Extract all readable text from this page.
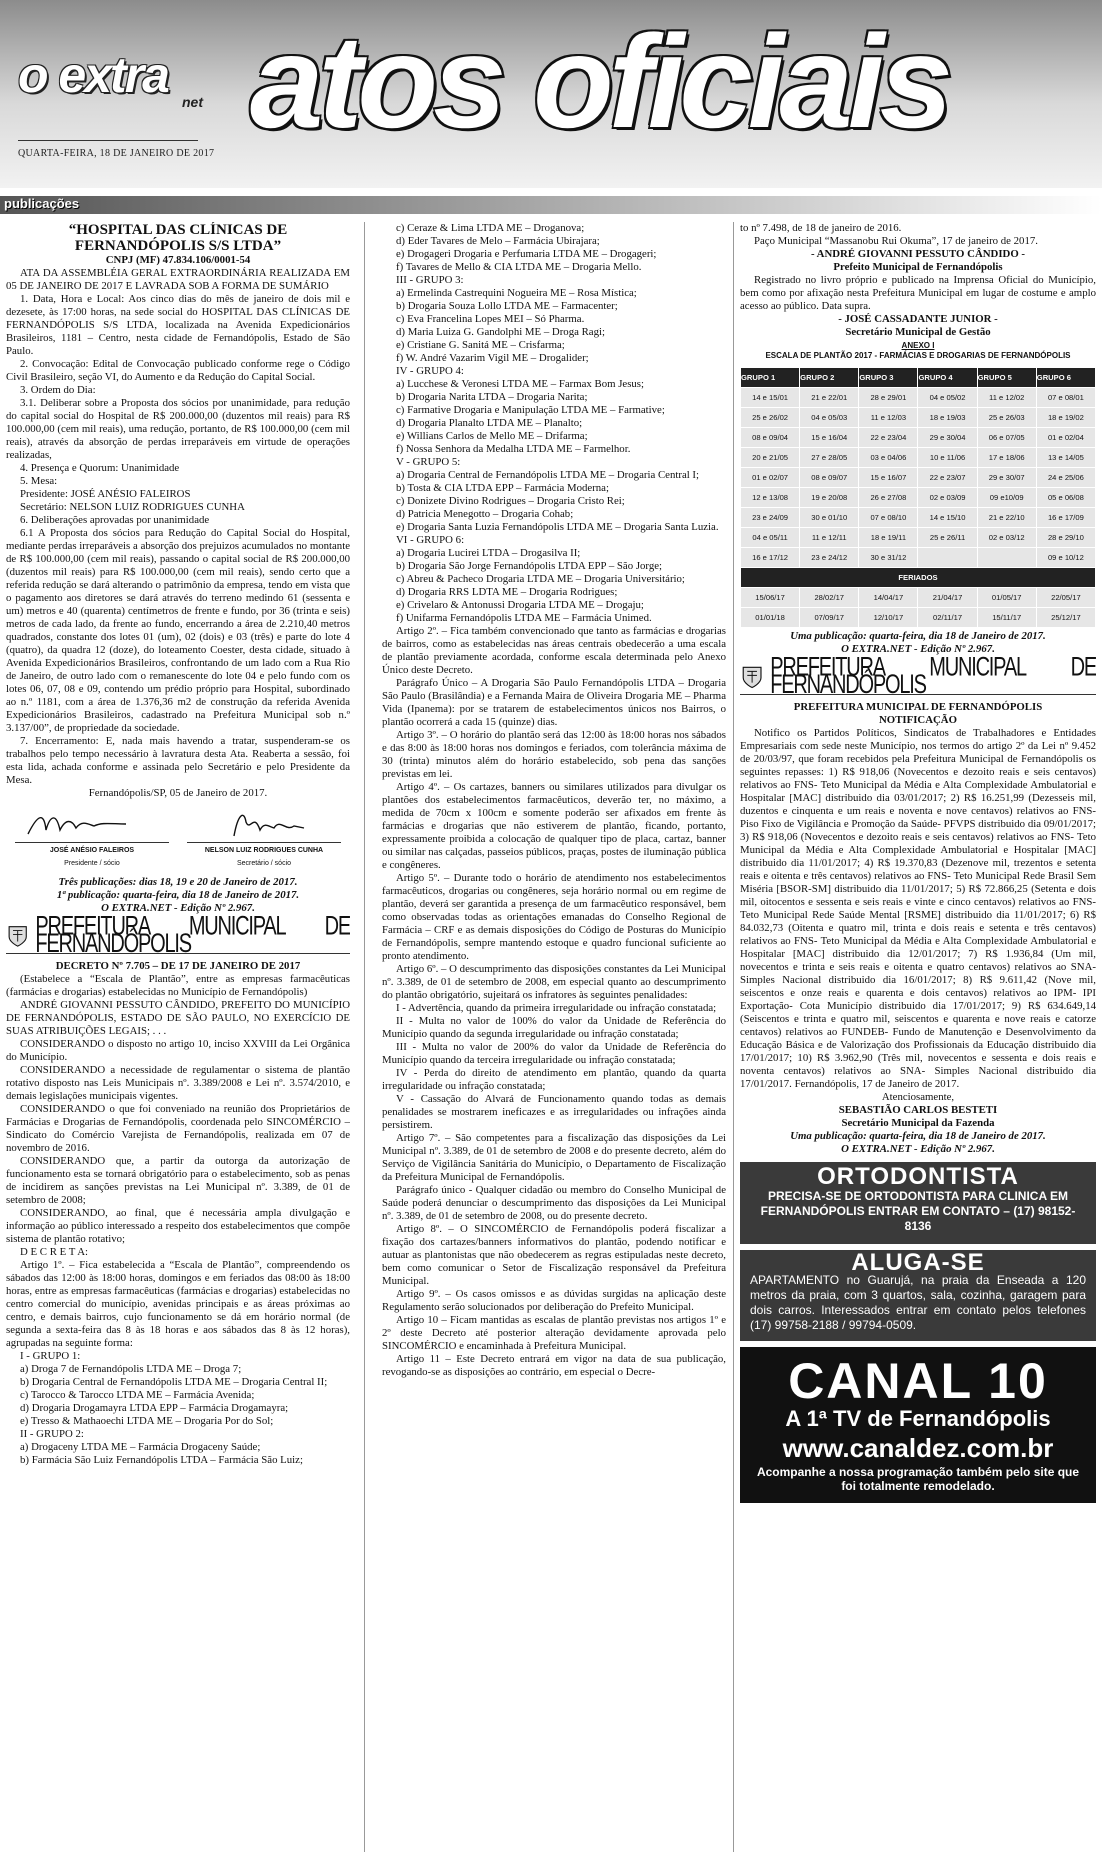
o extra net atos oficiais
QUARTA-FEIRA, 18 DE JANEIRO DE 2017
publicações

“HOSPITAL DAS CLÍNICAS DE FERNANDÓPOLIS S/S LTDA”

CNPJ (MF) 47.834.106/0001-54

ATA DA ASSEMBLÉIA GERAL EXTRAORDINÁRIA REALIZADA EM 05 DE JANEIRO DE 2017 E LAVRADA SOB A FORMA DE SUMÁRIO

1. Data, Hora e Local: Aos cinco dias do mês de janeiro de dois mil e dezesete, às 17:00 horas, na sede social do HOSPITAL DAS CLÍNICAS DE FERNANDÓPOLIS S/S LTDA, localizada na Avenida Expedicionários Brasileiros, 1181 – Centro, nesta cidade de Fernandópolis, Estado de São Paulo.

2. Convocação: Edital de Convocação publicado conforme rege o Código Civil Brasileiro, seção VI, do Aumento e da Redução do Capital Social.

3. Ordem do Dia:

3.1. Deliberar sobre a Proposta dos sócios por unanimidade, para redução do capital social do Hospital de R$ 200.000,00 (duzentos mil reais) para R$ 100.000,00 (cem mil reais), uma redução, portanto, de R$ 100.000,00 (cem mil reais), através da absorção de perdas irreparáveis em virtude de operações realizadas,

4. Presença e Quorum: Unanimidade

5. Mesa:

Presidente: JOSÉ ANÉSIO FALEIROS

Secretário: NELSON LUIZ RODRIGUES CUNHA

6. Deliberações aprovadas por unanimidade

6.1 A Proposta dos sócios para Redução do Capital Social do Hospital, mediante perdas irreparáveis a absorção dos prejuizos acumulados no montante de R$ 100.000,00 (cem mil reais), passando o capital social de R$ 200.000,00 (duzentos mil reais) para R$ 100.000,00 (cem mil reais), sendo certo que a referida redução se dará alterando o patrimônio da empresa, tendo em vista que o pagamento aos diretores se dará através do terreno medindo 61 (sessenta e um) metros e 40 (quarenta) centímetros de frente e fundo, por 36 (trinta e seis) metros de cada lado, da frente ao fundo, encerrando a área de 2.210,40 metros quadrados, constante dos lotes 01 (um), 02 (dois) e 03 (três) e parte do lote 4 (quatro), da quadra 12 (doze), do loteamento Coester, desta cidade, situado à Avenida Expedicionários Brasileiros, confrontando de um lado com a Rua Rio de Janeiro, de outro lado com o remanescente do lote 04 e pelo fundo com os lotes 06, 07, 08 e 09, contendo um prédio próprio para Hospital, subordinado ao n.º 1181, com a área de 1.376,36 m2 de construção da referida Avenida Expedicionários Brasileiros, cadastrado na Prefeitura Municipal sob n.º 3.137/00”, de propriedade da sociedade.

7. Encerramento: E, nada mais havendo a tratar, suspenderam-se os trabalhos pelo tempo necessário à lavratura desta Ata. Reaberta a sessão, foi esta lida, achada conforme e assinada pelo Secretário e pelo Presidente da Mesa.

Fernandópolis/SP, 05 de Janeiro de 2017.

JOSÉ ANÉSIO FALEIROS
Presidente / sócio
NELSON LUIZ RODRIGUES CUNHA
Secretário / sócio

Três publicações: dias 18, 19 e 20 de Janeiro de 2017.

1ª publicação: quarta-feira, dia 18 de Janeiro de 2017.

O EXTRA.NET - Edição Nº 2.967.

PREFEITURA MUNICIPAL DE FERNANDÓPOLIS

DECRETO Nº 7.705 – DE 17 DE JANEIRO DE 2017

(Estabelece a “Escala de Plantão”, entre as empresas farmacêuticas (farmácias e drogarias) estabelecidas no Município de Fernandópolis)

ANDRÉ GIOVANNI PESSUTO CÂNDIDO, PREFEITO DO MUNICÍPIO DE FERNANDÓPOLIS, ESTADO DE SÃO PAULO, NO EXERCÍCIO DE SUAS ATRIBUIÇÕES LEGAIS; . . .

CONSIDERANDO o disposto no artigo 10, inciso XXVIII da Lei Orgânica do Município.

CONSIDERANDO a necessidade de regulamentar o sistema de plantão rotativo disposto nas Leis Municipais nº. 3.389/2008 e Lei nº. 3.574/2010, e demais legislações municipais vigentes.

CONSIDERANDO o que foi conveniado na reunião dos Proprietários de Farmácias e Drogarias de Fernandópolis, coordenada pelo SINCOMÉRCIO – Sindicato do Comércio Varejista de Fernandópolis, realizada em 07 de novembro de 2016.

CONSIDERANDO que, a partir da outorga da autorização de funcionamento esta se tornará obrigatório para o estabelecimento, sob as penas de incidirem as sanções previstas na Lei Municipal nº. 3.389, de 01 de setembro de 2008;

CONSIDERANDO, ao final, que é necessária ampla divulgação e informação ao público interessado a respeito dos estabelecimentos que compõe sistema de plantão rotativo;

D E C R E T A:

Artigo 1º. – Fica estabelecida a “Escala de Plantão”, compreendendo os sábados das 12:00 às 18:00 horas, domingos e em feriados das 08:00 às 18:00 horas, entre as empresas farmacêuticas (farmácias e drogarias) estabelecidas no centro comercial do município, avenidas principais e as áreas próximas ao centro, e demais bairros, cujo funcionamento se dá em horário normal (de segunda a sexta-feira das 8 às 18 horas e aos sábados das 8 às 12 horas), agrupadas na seguinte forma:

I - GRUPO 1:

a) Droga 7 de Fernandópolis LTDA ME – Droga 7;

b) Drogaria Central de Fernandópolis LTDA ME – Drogaria Central II;

c) Tarocco & Tarocco LTDA ME – Farmácia Avenida;

d) Drogaria Drogamayra LTDA EPP – Farmácia Drogamayra;

e) Tresso & Mathaoechi LTDA ME – Drogaria Por do Sol;

II - GRUPO 2:

a) Drogaceny LTDA ME – Farmácia Drogaceny Saúde;

b) Farmácia São Luiz Fernandópolis LTDA – Farmácia São Luiz;

c) Ceraze & Lima LTDA ME – Droganova;

d) Eder Tavares de Melo – Farmácia Ubirajara;

e) Drogageri Drogaria e Perfumaria LTDA ME – Drogageri;

f) Tavares de Mello & CIA LTDA ME – Drogaria Mello.

III - GRUPO 3:

a) Ermelinda Castrequini Nogueira ME – Rosa Mística;

b) Drogaria Souza Lollo LTDA ME – Farmacenter;

c) Eva Francelina Lopes MEI – Só Pharma.

d) Maria Luiza G. Gandolphi ME – Droga Ragi;

e) Cristiane G. Sanitá ME – Crisfarma;

f) W. André Vazarim Vigil ME – Drogalider;

IV - GRUPO 4:

a) Lucchese & Veronesi LTDA ME – Farmax Bom Jesus;

b) Drogaria Narita LTDA – Drogaria Narita;

c) Farmative Drogaria e Manipulação LTDA ME – Farmative;

d) Drogaria Planalto LTDA ME – Planalto;

e) Willians Carlos de Mello ME – Drifarma;

f) Nossa Senhora da Medalha LTDA ME – Farmelhor.

V - GRUPO 5:

a) Drogaria Central de Fernandópolis LTDA ME – Drogaria Central I;

b) Tosta & CIA LTDA EPP – Farmácia Moderna;

c) Donizete Divino Rodrigues – Drogaria Cristo Rei;

d) Patricia Menegotto – Drogaria Cohab;

e) Drogaria Santa Luzia Fernandópolis LTDA ME – Drogaria Santa Luzia.

VI - GRUPO 6:

a) Drogaria Lucirei LTDA – Drogasilva II;

b) Drogaria São Jorge Fernandópolis LTDA EPP – São Jorge;

c) Abreu & Pacheco Drogaria LTDA ME – Drogaria Universitário;

d) Drogaria RRS LDTA ME – Drogaria Rodrigues;

e) Crivelaro & Antonussi Drogaria LTDA ME – Drogaju;

f) Unifarma Fernandópolis LTDA ME – Farmácia Unimed.

Artigo 2º. – Fica também convencionado que tanto as farmácias e drogarias de bairros, como as estabelecidas nas áreas centrais obedecerão a uma escala de plantão previamente acordada, conforme escala determinada pelo Anexo Único deste Decreto.

Parágrafo Único – A Drogaria São Paulo Fernandópolis LTDA – Drogaria São Paulo (Brasilândia) e a Fernanda Maira de Oliveira Drogaria ME – Pharma Vida (Ipanema): por se tratarem de estabelecimentos únicos nos Bairros, o plantão ocorrerá a cada 15 (quinze) dias.

Artigo 3º. – O horário do plantão será das 12:00 às 18:00 horas nos sábados e das 8:00 às 18:00 horas nos domingos e feriados, com tolerância máxima de 30 (trinta) minutos além do horário estabelecido, sob pena das sanções previstas em lei.

Artigo 4º. – Os cartazes, banners ou similares utilizados para divulgar os plantões dos estabelecimentos farmacêuticos, deverão ter, no máximo, a medida de 70cm x 100cm e somente poderão ser afixados em frente às farmácias e drogarias que não estiverem de plantão, ficando, portanto, expressamente proibida a colocação de qualquer tipo de placa, cartaz, banner ou similar nas calçadas, passeios públicos, praças, postes de iluminação pública e congêneres.

Artigo 5º. – Durante todo o horário de atendimento nos estabelecimentos farmacêuticos, drogarias ou congêneres, seja horário normal ou em regime de plantão, deverá ser garantida a presença de um farmacêutico responsável, bem como observadas todas as orientações emanadas do Conselho Regional de Farmácia – CRF e as demais disposições do Código de Posturas do Município de Fernandópolis, sempre mantendo estoque e quadro funcional suficiente ao pronto atendimento.

Artigo 6º. – O descumprimento das disposições constantes da Lei Municipal nº. 3.389, de 01 de setembro de 2008, em especial quanto ao descumprimento do plantão obrigatório, sujeitará os infratores às seguintes penalidades:

I - Advertência, quando da primeira irregularidade ou infração constatada;

II - Multa no valor de 100% do valor da Unidade de Referência do Município quando da segunda irregularidade ou infração constatada;

III - Multa no valor de 200% do valor da Unidade de Referência do Município quando da terceira irregularidade ou infração constatada;

IV - Perda do direito de atendimento em plantão, quando da quarta irregularidade ou infração constatada;

V - Cassação do Alvará de Funcionamento quando todas as demais penalidades se mostrarem ineficazes e as irregularidades ou infrações ainda persistirem.

Artigo 7º. – São competentes para a fiscalização das disposições da Lei Municipal nº. 3.389, de 01 de setembro de 2008 e do presente decreto, além do Serviço de Vigilância Sanitária do Município, o Departamento de Fiscalização da Prefeitura Municipal de Fernandópolis.

Parágrafo único - Qualquer cidadão ou membro do Conselho Municipal de Saúde poderá denunciar o descumprimento das disposições da Lei Municipal nº. 3.389, de 01 de setembro de 2008, ou do presente decreto.

Artigo 8º. – O SINCOMÉRCIO de Fernandópolis poderá fiscalizar a fixação dos cartazes/banners informativos do plantão, podendo notificar e autuar as plantonistas que não obedecerem as regras estipuladas neste decreto, bem como comunicar o Setor de Fiscalização responsável da Prefeitura Municipal.

Artigo 9º. – Os casos omissos e as dúvidas surgidas na aplicação deste Regulamento serão solucionados por deliberação do Prefeito Municipal.

Artigo 10 – Ficam mantidas as escalas de plantão previstas nos artigos 1º e 2º deste Decreto até posterior alteração devidamente aprovada pelo SINCOMÉRCIO e encaminhada à Prefeitura Municipal.

Artigo 11 – Este Decreto entrará em vigor na data de sua publicação, revogando-se as disposições ao contrário, em especial o Decre-

to nº 7.498, de 18 de janeiro de 2016.

Paço Municipal “Massanobu Rui Okuma”, 17 de janeiro de 2017.

- ANDRÉ GIOVANNI PESSUTO CÂNDIDO -

Prefeito Municipal de Fernandópolis

Registrado no livro próprio e publicado na Imprensa Oficial do Município, bem como por afixação nesta Prefeitura Municipal em lugar de costume e amplo acesso ao público. Data supra.

- JOSÉ CASSADANTE JUNIOR -

Secretário Municipal de Gestão

ANEXO I

ESCALA DE PLANTÃO 2017 - FARMÁCIAS E DROGARIAS DE FERNANDÓPOLIS

GRUPO 1	GRUPO 2	GRUPO 3	GRUPO 4	GRUPO 5	GRUPO 6
14 e 15/01	21 e 22/01	28 e 29/01	04 e 05/02	11 e 12/02	07 e 08/01
25 e 26/02	04 e 05/03	11 e 12/03	18 e 19/03	25 e 26/03	18 e 19/02
08 e 09/04	15 e 16/04	22 e 23/04	29 e 30/04	06 e 07/05	01 e 02/04
20 e 21/05	27 e 28/05	03 e 04/06	10 e 11/06	17 e 18/06	13 e 14/05
01 e 02/07	08 e 09/07	15 e 16/07	22 e 23/07	29 e 30/07	24 e 25/06
12 e 13/08	19 e 20/08	26 e 27/08	02 e 03/09	09 e10/09	05 e 06/08
23 e 24/09	30 e 01/10	07 e 08/10	14 e 15/10	21 e 22/10	16 e 17/09
04 e 05/11	11 e 12/11	18 e 19/11	25 e 26/11	02 e 03/12	28 e 29/10
16 e 17/12	23 e 24/12	30 e 31/12			09 e 10/12
FERIADOS					
15/06/17	28/02/17	14/04/17	21/04/17	01/05/17	22/05/17
01/01/18	07/09/17	12/10/17	02/11/17	15/11/17	25/12/17

Uma publicação: quarta-feira, dia 18 de Janeiro de 2017.

O EXTRA.NET - Edição Nº 2.967.

PREFEITURA MUNICIPAL DE FERNANDÓPOLIS

PREFEITURA MUNICIPAL DE FERNANDÓPOLIS

NOTIFICAÇÃO

Notifico os Partidos Políticos, Sindicatos de Trabalhadores e Entidades Empresariais com sede neste Município, nos termos do artigo 2º da Lei nº 9.452 de 20/03/97, que foram recebidos pela Prefeitura Municipal de Fernandópolis os seguintes repasses: 1) R$ 918,06 (Novecentos e dezoito reais e seis centavos) relativos ao FNS- Teto Municipal da Média e Alta Complexidade Ambulatorial e Hospitalar [MAC] distribuido dia 03/01/2017; 2) R$ 16.251,99 (Dezesseis mil, duzentos e cinquenta e um reais e noventa e nove centavos) relativos ao FNS- Piso Fixo de Vigilância e Promoção da Saúde- PFVPS distribuido dia 09/01/2017; 3) R$ 918,06 (Novecentos e dezoito reais e seis centavos) relativos ao FNS- Teto Municipal da Média e Alta Complexidade Ambulatorial e Hospitalar [MAC] distribuido dia 11/01/2017; 4) R$ 19.370,83 (Dezenove mil, trezentos e setenta reais e oitenta e três centavos) relativos ao FNS- Teto Municipal Rede Brasil Sem Miséria [BSOR-SM] distribuido dia 11/01/2017; 5) R$ 72.866,25 (Setenta e dois mil, oitocentos e sessenta e seis reais e vinte e cinco centavos) relativos ao FNS- Teto Municipal Rede Saúde Mental [RSME] distribuido dia 11/01/2017; 6) R$ 84.032,73 (Oitenta e quatro mil, trinta e dois reais e setenta e três centavos) relativos ao FNS- Teto Municipal da Média e Alta Complexidade Ambulatorial e Hospitalar [MAC] distribuido dia 12/01/2017; 7) R$ 1.936,84 (Um mil, novecentos e trinta e seis reais e oitenta e quatro centavos) relativos ao SNA- Simples Nacional distribuido dia 16/01/2017; 8) R$ 9.611,42 (Nove mil, seiscentos e onze reais e quarenta e dois centavos) relativos ao IPM- IPI Exportação- Cota Município distribuido dia 17/01/2017; 9) R$ 634.649,14 (Seiscentos e trinta e quatro mil, seiscentos e quarenta e nove reais e catorze centavos) relativos ao FUNDEB- Fundo de Manutenção e Desenvolvimento da Educação Básica e de Valorização dos Profissionais da Educação distribuido dia 17/01/2017; 10) R$ 3.962,90 (Três mil, novecentos e sessenta e dois reais e noventa centavos) relativos ao SNA- Simples Nacional distribuido dia 17/01/2017. Fernandópolis, 17 de Janeiro de 2017.

Atenciosamente,

SEBASTIÃO CARLOS BESTETI

Secretário Municipal da Fazenda

Uma publicação: quarta-feira, dia 18 de Janeiro de 2017.

O EXTRA.NET - Edição Nº 2.967.

ORTODONTISTA
PRECISA-SE DE ORTODONTISTA PARA CLINICA EM FERNANDÓPOLIS ENTRAR EM CONTATO – (17) 98152-8136
ALUGA-SE
APARTAMENTO no Guarujá, na praia da Enseada a 120 metros da praia, com 3 quartos, sala, cozinha, garagem para dois carros. Interessados entrar em contato pelos telefones (17) 99758-2188 / 99794-0509.
CANAL 10
A 1ª TV de Fernandópolis
www.canaldez.com.br
Acompanhe a nossa programação também pelo site que foi totalmente remodelado.
